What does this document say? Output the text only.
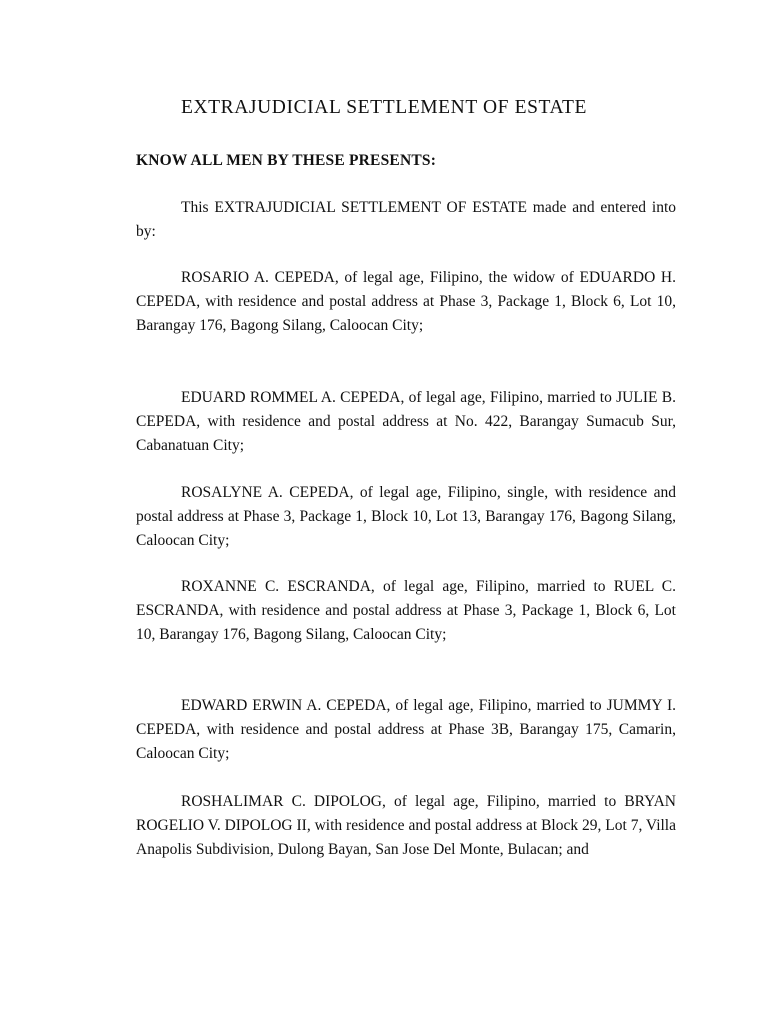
EXTRAJUDICIAL SETTLEMENT OF ESTATE

KNOW ALL MEN BY THESE PRESENTS:

This EXTRAJUDICIAL SETTLEMENT OF ESTATE made and entered into by:

ROSARIO A. CEPEDA, of legal age, Filipino, the widow of EDUARDO H. CEPEDA, with residence and postal address at Phase 3, Package 1, Block 6, Lot 10, Barangay 176, Bagong Silang, Caloocan City;

EDUARD ROMMEL A. CEPEDA, of legal age, Filipino, married to JULIE B. CEPEDA, with residence and postal address at No. 422, Barangay Sumacub Sur, Cabanatuan City;

ROSALYNE A. CEPEDA, of legal age, Filipino, single, with residence and postal address at Phase 3, Package 1, Block 10, Lot 13, Barangay 176, Bagong Silang, Caloocan City;

ROXANNE C. ESCRANDA, of legal age, Filipino, married to RUEL C. ESCRANDA, with residence and postal address at Phase 3, Package 1, Block 6, Lot 10, Barangay 176, Bagong Silang, Caloocan City;

EDWARD ERWIN A. CEPEDA, of legal age, Filipino, married to JUMMY I. CEPEDA, with residence and postal address at Phase 3B, Barangay 175, Camarin, Caloocan City;

ROSHALIMAR C. DIPOLOG, of legal age, Filipino, married to BRYAN ROGELIO V. DIPOLOG II, with residence and postal address at Block 29, Lot 7, Villa Anapolis Subdivision, Dulong Bayan, San Jose Del Monte, Bulacan; and
